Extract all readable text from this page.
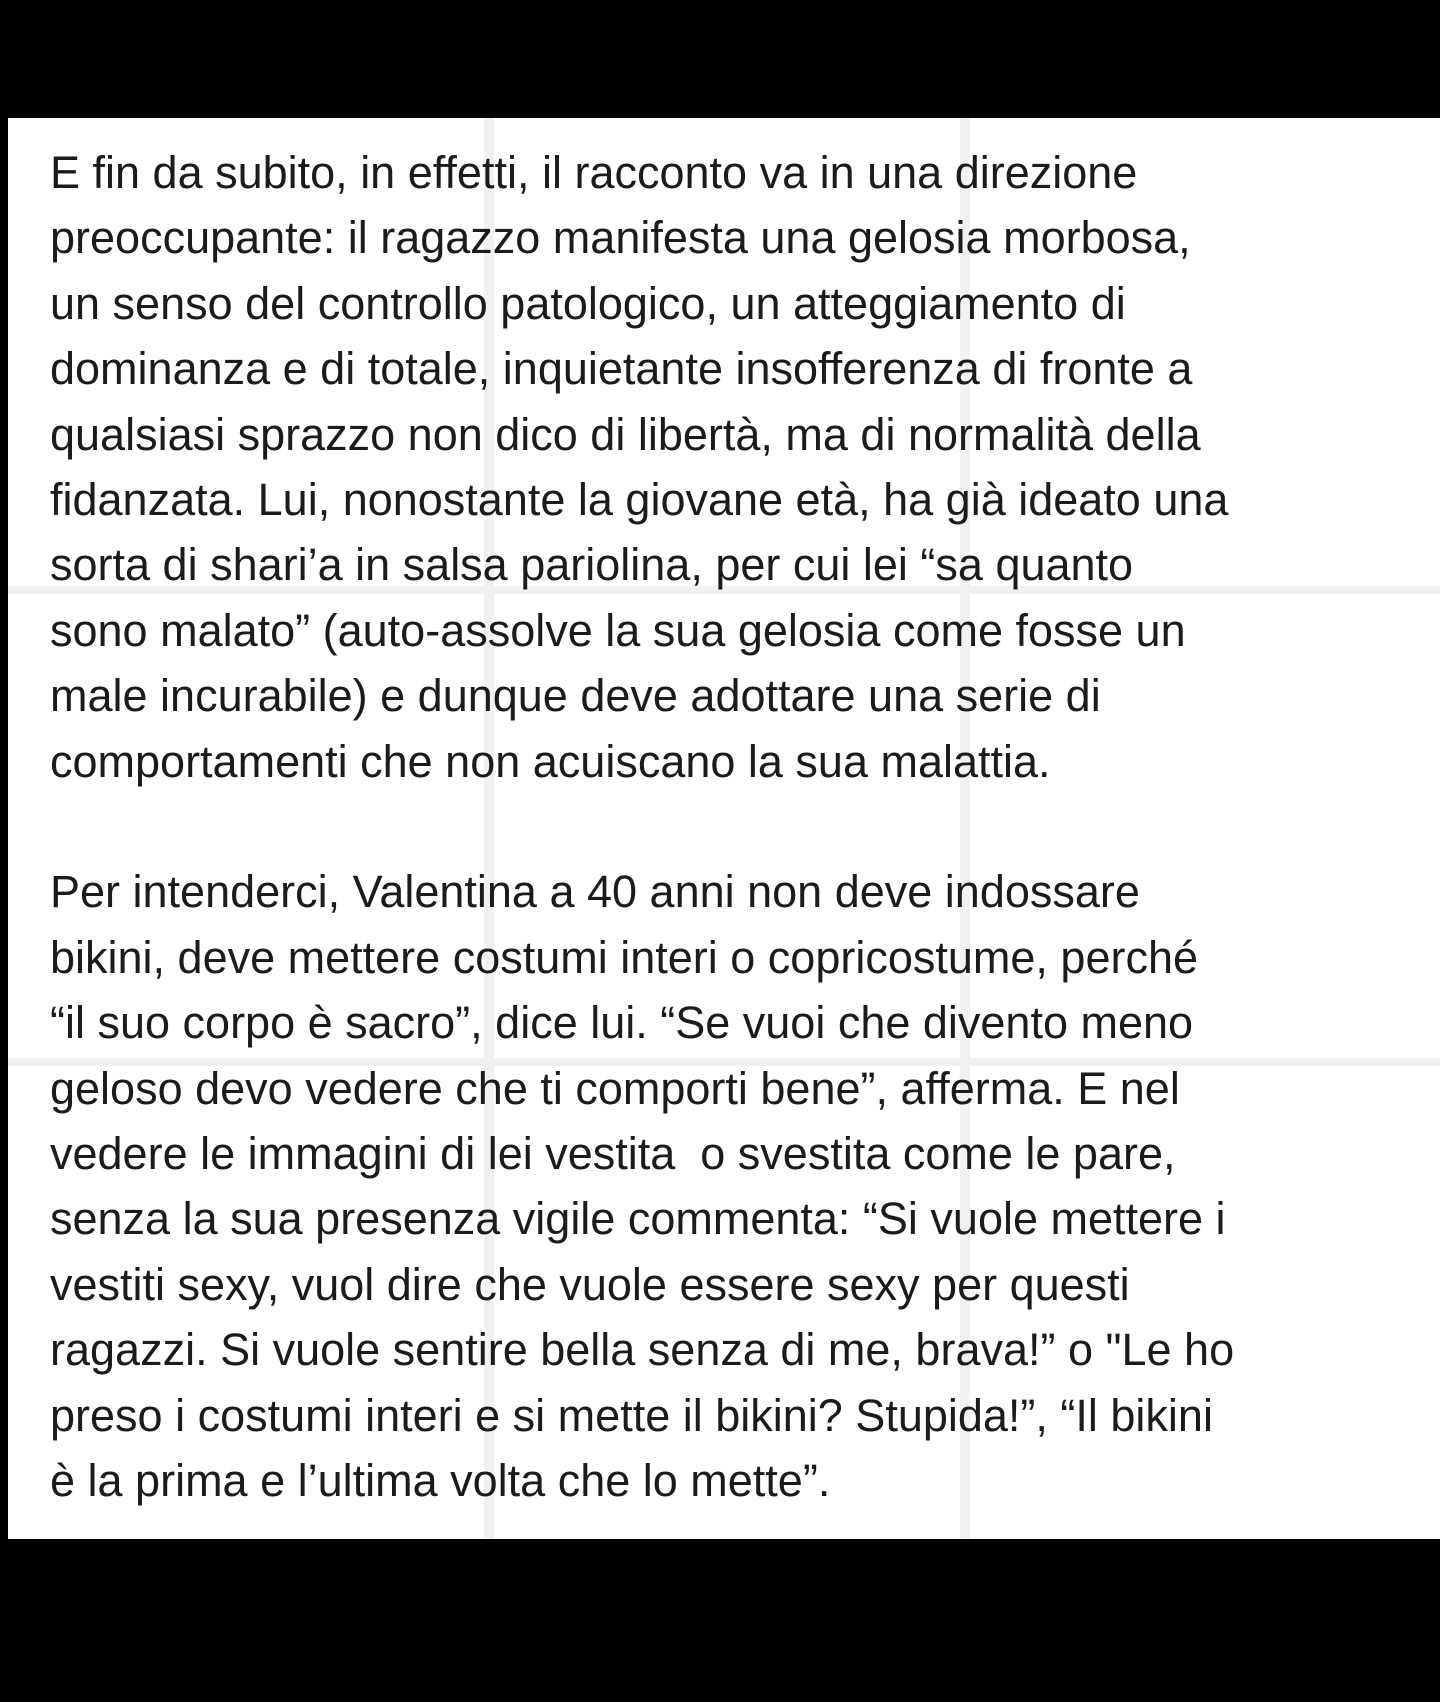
E fin da subito, in effetti, il racconto va in una direzione
preoccupante: il ragazzo manifesta una gelosia morbosa,
un senso del controllo patologico, un atteggiamento di
dominanza e di totale, inquietante insofferenza di fronte a
qualsiasi sprazzo non dico di libertà, ma di normalità della
fidanzata. Lui, nonostante la giovane età, ha già ideato una
sorta di shari’a in salsa pariolina, per cui lei “sa quanto
sono malato” (auto-assolve la sua gelosia come fosse un
male incurabile) e dunque deve adottare una serie di
comportamenti che non acuiscano la sua malattia.
Per intenderci, Valentina a 40 anni non deve indossare
bikini, deve mettere costumi interi o copricostume, perché
“il suo corpo è sacro”, dice lui. “Se vuoi che divento meno
geloso devo vedere che ti comporti bene”, afferma. E nel
vedere le immagini di lei vestita  o svestita come le pare,
senza la sua presenza vigile commenta: “Si vuole mettere i
vestiti sexy, vuol dire che vuole essere sexy per questi
ragazzi. Si vuole sentire bella senza di me, brava!” o "Le ho
preso i costumi interi e si mette il bikini? Stupida!”, “Il bikini
è la prima e l’ultima volta che lo mette”.
